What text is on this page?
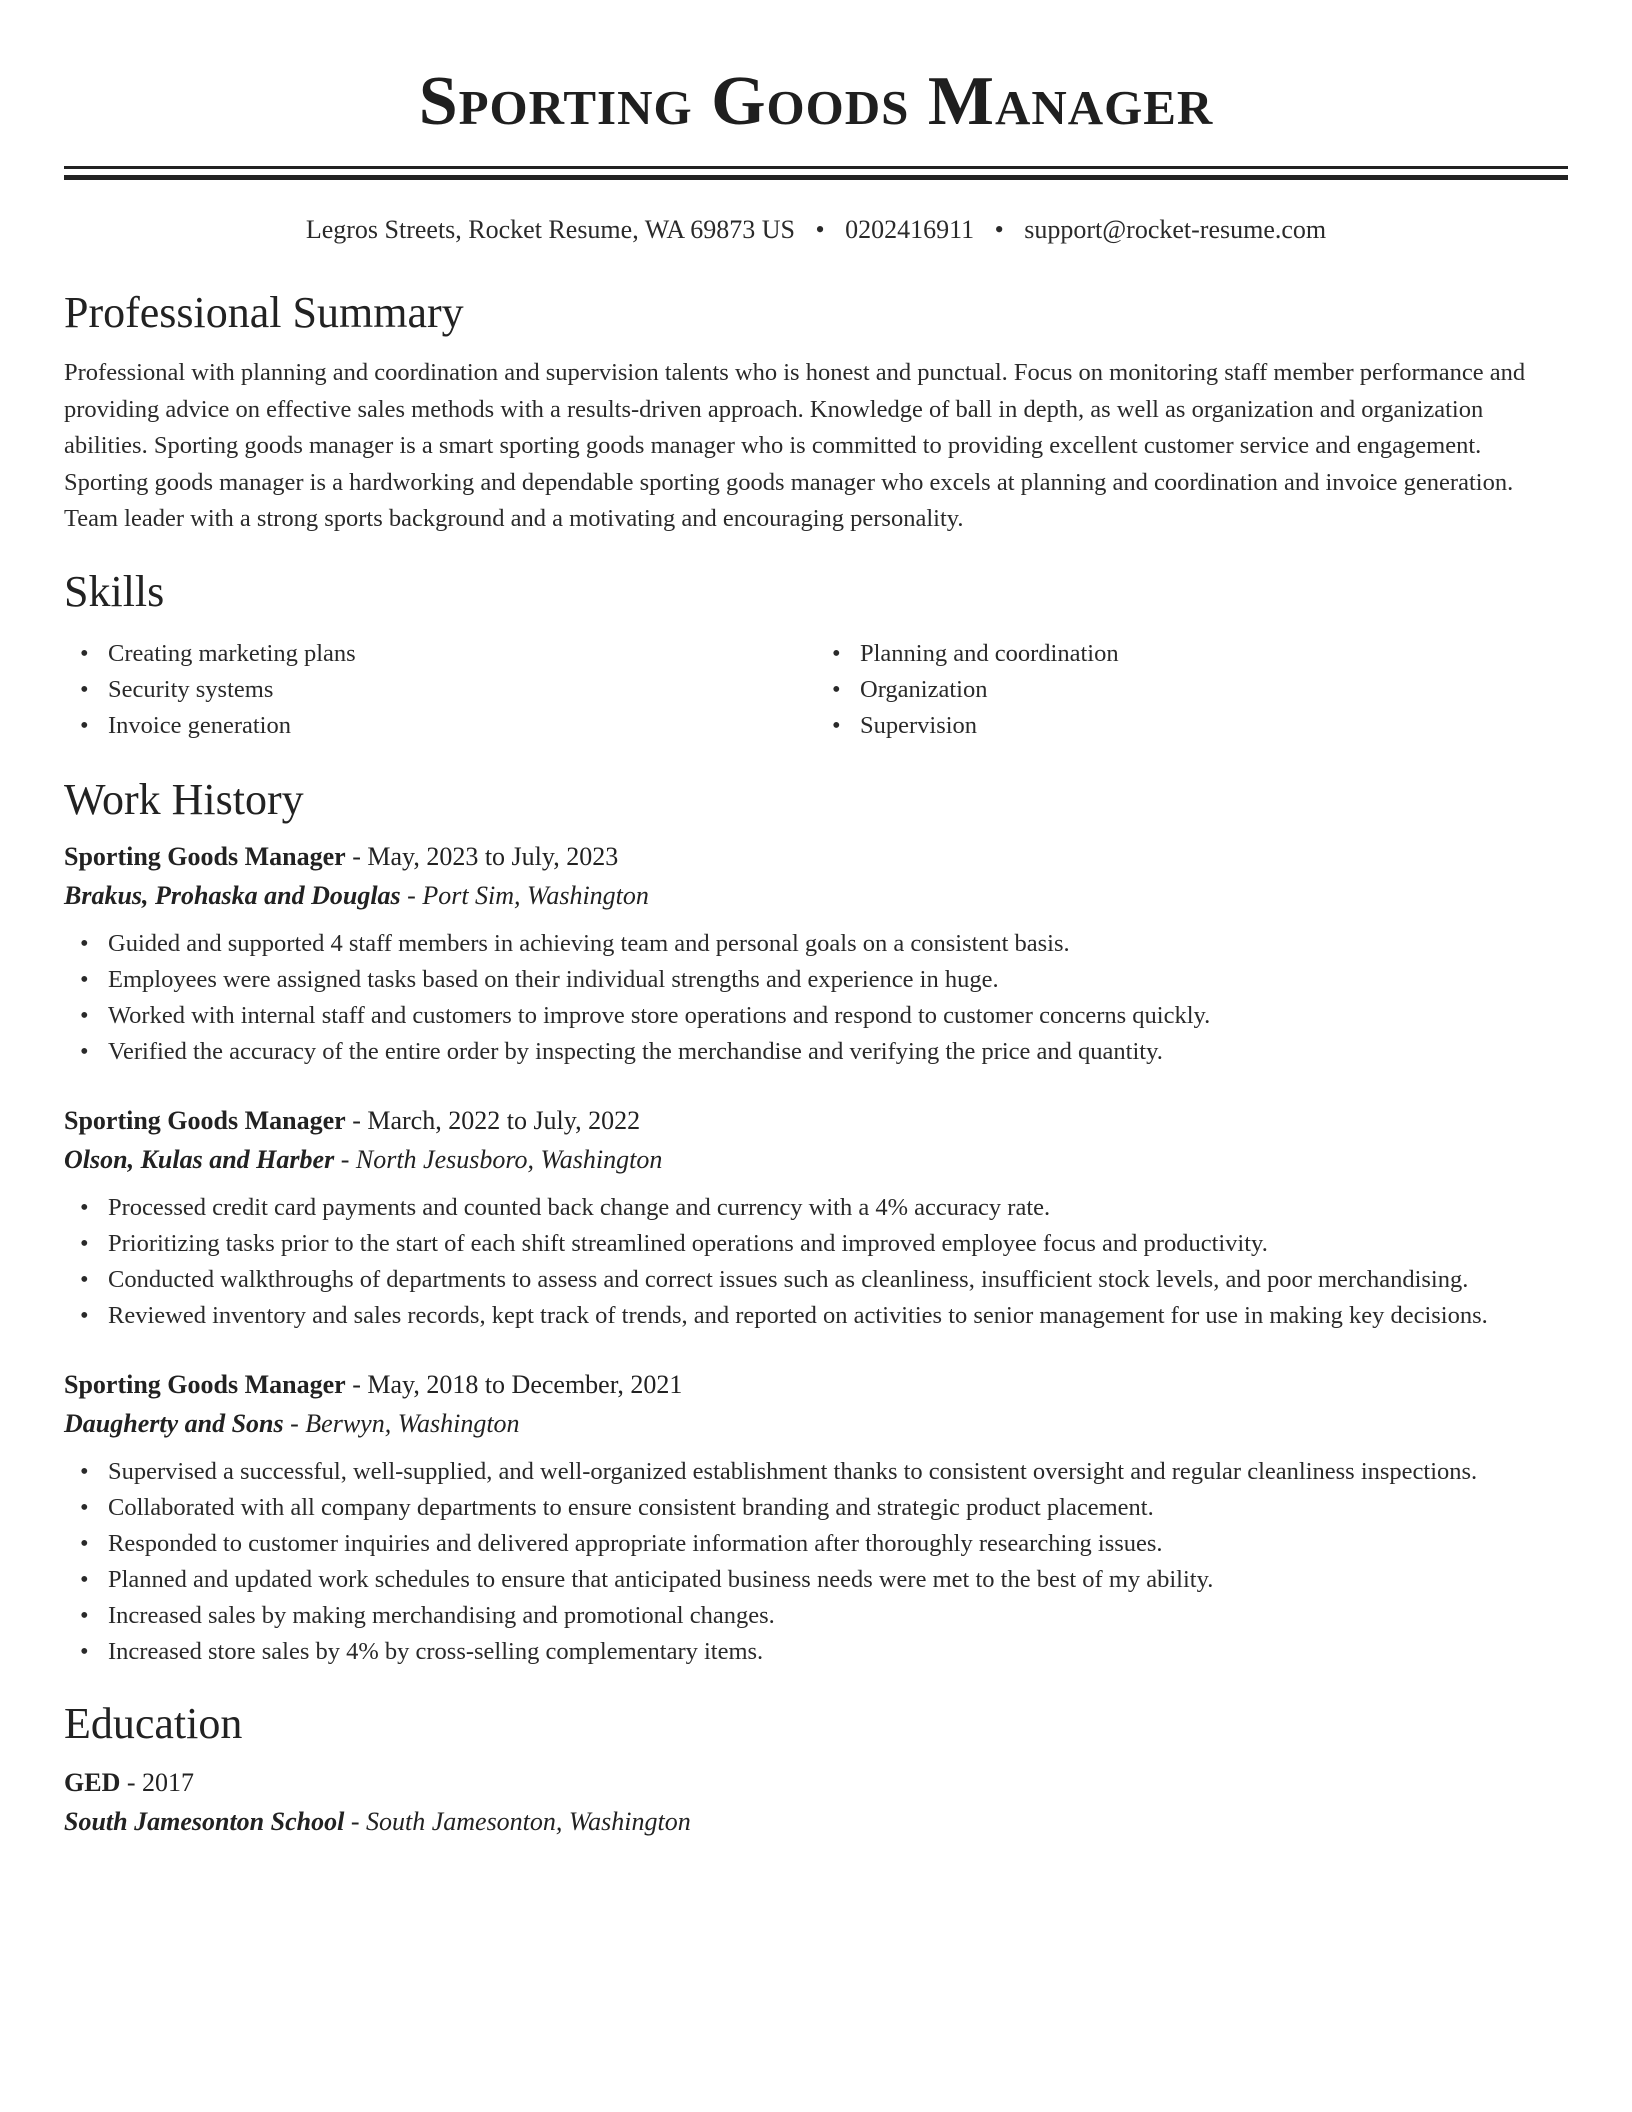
Sporting Goods Manager
Legros Streets, Rocket Resume, WA 69873 US • 0202416911 • support@rocket-resume.com
Professional Summary
Professional with planning and coordination and supervision talents who is honest and punctual. Focus on monitoring staff member performance and providing advice on effective sales methods with a results-driven approach. Knowledge of ball in depth, as well as organization and organization abilities. Sporting goods manager is a smart sporting goods manager who is committed to providing excellent customer service and engagement. Sporting goods manager is a hardworking and dependable sporting goods manager who excels at planning and coordination and invoice generation. Team leader with a strong sports background and a motivating and encouraging personality.
Skills
• Creating marketing plans
• Security systems
• Invoice generation
• Planning and coordination
• Organization
• Supervision
Work History
Sporting Goods Manager - May, 2023 to July, 2023
Brakus, Prohaska and Douglas - Port Sim, Washington
• Guided and supported 4 staff members in achieving team and personal goals on a consistent basis.
• Employees were assigned tasks based on their individual strengths and experience in huge.
• Worked with internal staff and customers to improve store operations and respond to customer concerns quickly.
• Verified the accuracy of the entire order by inspecting the merchandise and verifying the price and quantity.
Sporting Goods Manager - March, 2022 to July, 2022
Olson, Kulas and Harber - North Jesusboro, Washington
• Processed credit card payments and counted back change and currency with a 4% accuracy rate.
• Prioritizing tasks prior to the start of each shift streamlined operations and improved employee focus and productivity.
• Conducted walkthroughs of departments to assess and correct issues such as cleanliness, insufficient stock levels, and poor merchandising.
• Reviewed inventory and sales records, kept track of trends, and reported on activities to senior management for use in making key decisions.
Sporting Goods Manager - May, 2018 to December, 2021
Daugherty and Sons - Berwyn, Washington
• Supervised a successful, well-supplied, and well-organized establishment thanks to consistent oversight and regular cleanliness inspections.
• Collaborated with all company departments to ensure consistent branding and strategic product placement.
• Responded to customer inquiries and delivered appropriate information after thoroughly researching issues.
• Planned and updated work schedules to ensure that anticipated business needs were met to the best of my ability.
• Increased sales by making merchandising and promotional changes.
• Increased store sales by 4% by cross-selling complementary items.
Education
GED - 2017
South Jamesonton School - South Jamesonton, Washington
